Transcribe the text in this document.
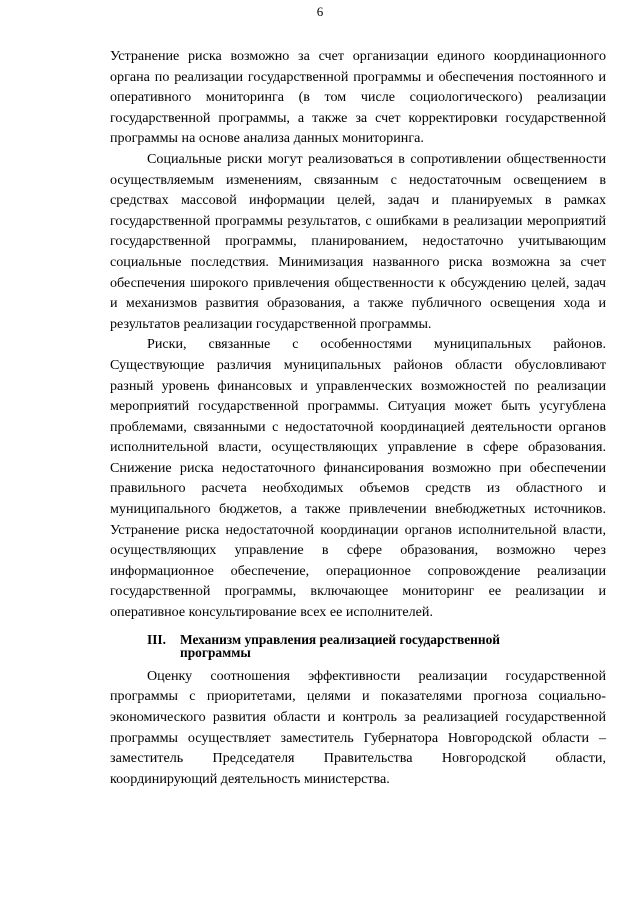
6

Устранение риска возможно за счет организации единого координационного органа по реализации государственной программы и обеспечения постоянного и оперативного мониторинга (в том числе социологического) реализации государственной программы, а также за счет корректировки государственной программы на основе анализа данных мониторинга.

Социальные риски могут реализоваться в сопротивлении общественности осуществляемым изменениям, связанным с недостаточным освещением в средствах массовой информации целей, задач и планируемых в рамках государственной программы результатов, с ошибками в реализации мероприятий государственной программы, планированием, недостаточно учитывающим социальные последствия. Минимизация названного риска возможна за счет обеспечения широкого привлечения общественности к обсуждению целей, задач и механизмов развития образования, а также публичного освещения хода и результатов реализации государственной программы.

Риски, связанные с особенностями муниципальных районов. Существующие различия муниципальных районов области обусловливают разный уровень финансовых и управленческих возможностей по реализации мероприятий государственной программы. Ситуация может быть усугублена проблемами, связанными с недостаточной координацией деятельности органов исполнительной власти, осуществляющих управление в сфере образования. Снижение риска недостаточного финансирования возможно при обеспечении правильного расчета необходимых объемов средств из областного и муниципального бюджетов, а также привлечении внебюджетных источников. Устранение риска недостаточной координации органов исполнительной власти, осуществляющих управление в сфере образования, возможно через информационное обеспечение, операционное сопровождение реализации государственной программы, включающее мониторинг ее реализации и оперативное консультирование всех ее исполнителей.

III. Механизм управления реализацией государственной программы

Оценку соотношения эффективности реализации государственной программы с приоритетами, целями и показателями прогноза социально-экономического развития области и контроль за реализацией государственной программы осуществляет заместитель Губернатора Новгородской области – заместитель Председателя Правительства Новгородской области, координирующий деятельность министерства.
